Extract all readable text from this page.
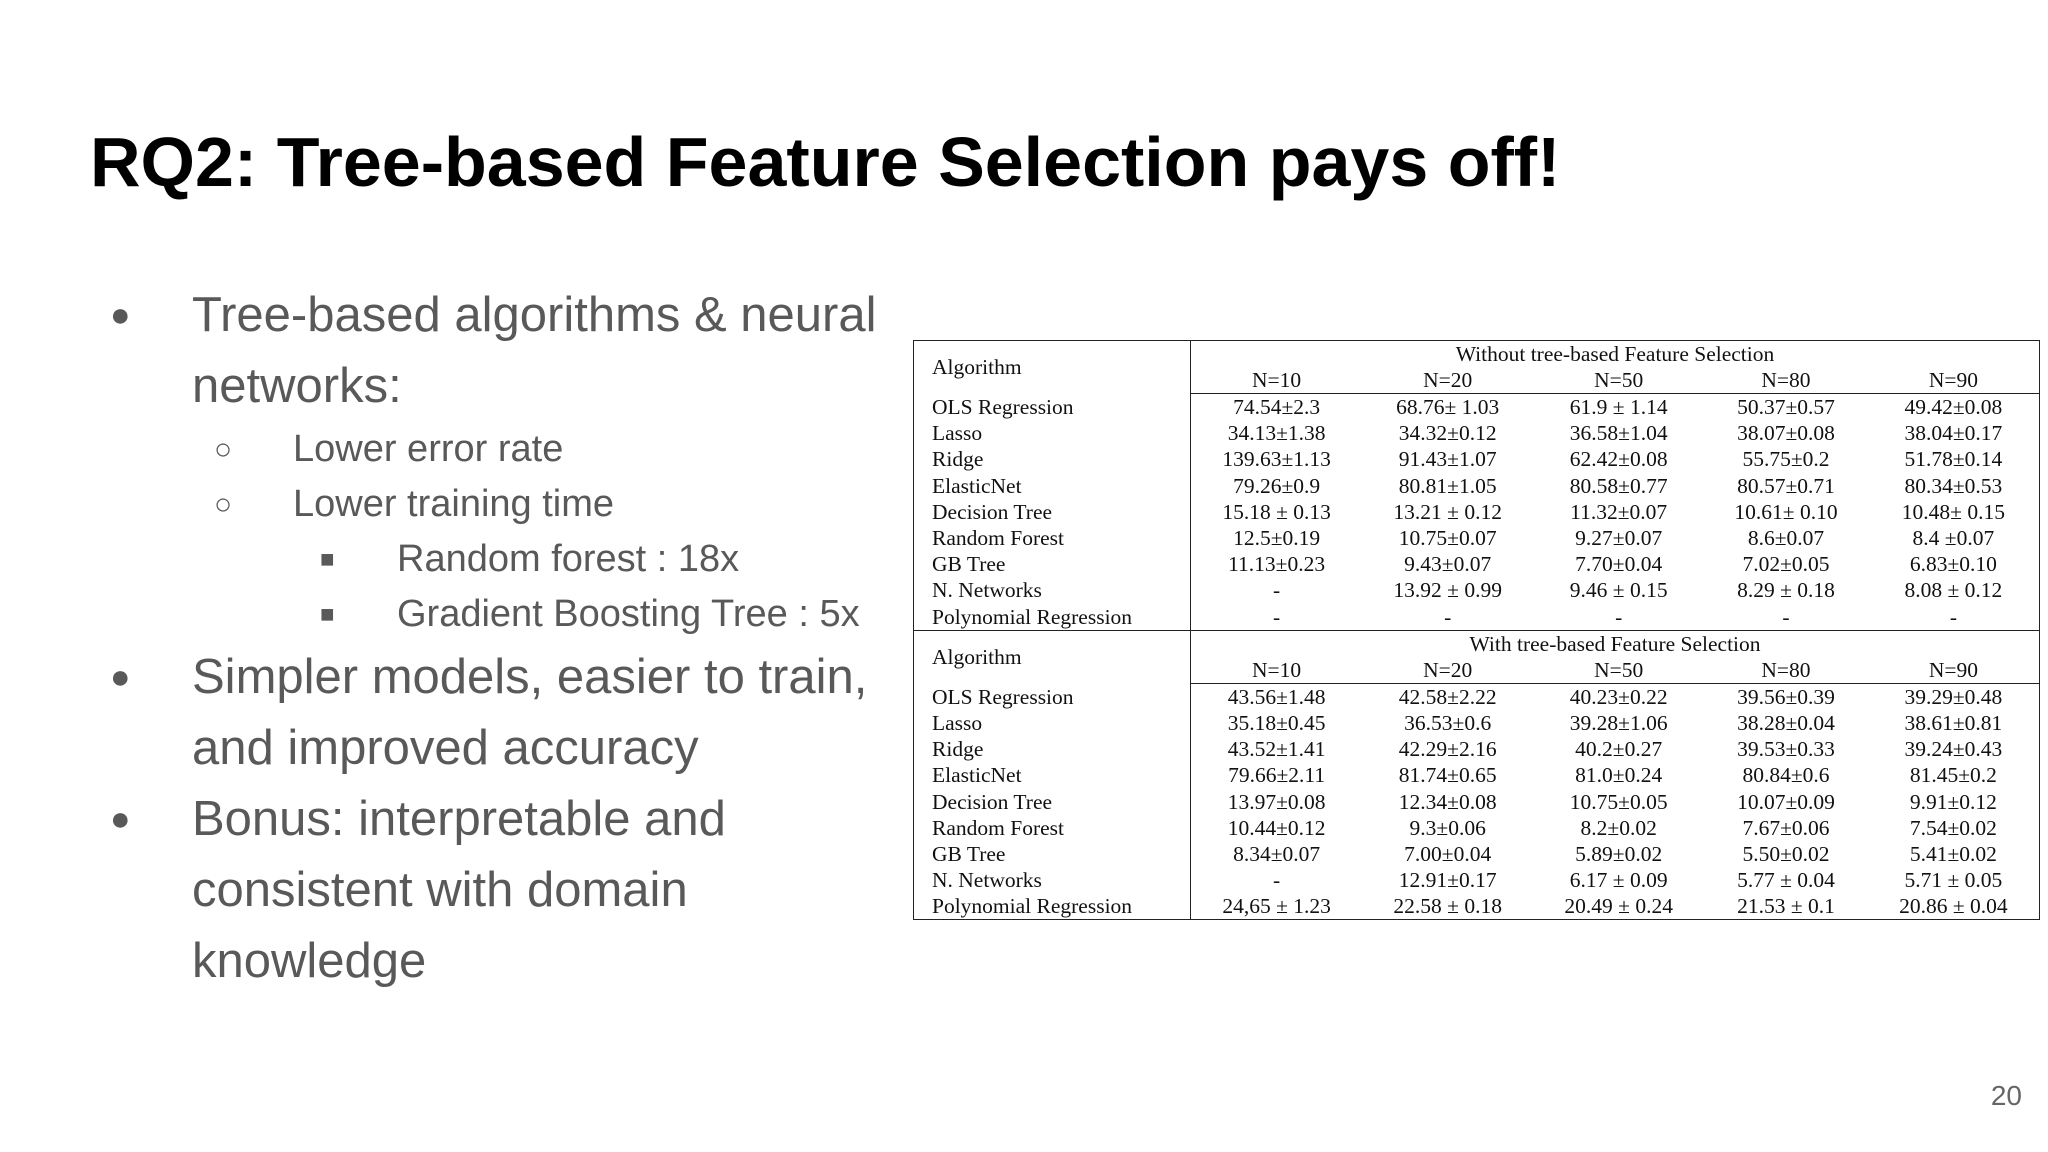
RQ2: Tree-based Feature Selection pays off!
● Tree-based algorithms & neural
networks:
○ Lower error rate
○ Lower training time
■ Random forest : 18x
■ Gradient Boosting Tree : 5x
● Simpler models, easier to train,
and improved accuracy
● Bonus: interpretable and
consistent with domain
knowledge
Algorithm	Without tree-based Feature Selection				
	N=10	N=20	N=50	N=80	N=90
OLS Regression	74.54±2.3	68.76± 1.03	61.9 ± 1.14	50.37±0.57	49.42±0.08
Lasso	34.13±1.38	34.32±0.12	36.58±1.04	38.07±0.08	38.04±0.17
Ridge	139.63±1.13	91.43±1.07	62.42±0.08	55.75±0.2	51.78±0.14
ElasticNet	79.26±0.9	80.81±1.05	80.58±0.77	80.57±0.71	80.34±0.53
Decision Tree	15.18 ± 0.13	13.21 ± 0.12	11.32±0.07	10.61± 0.10	10.48± 0.15
Random Forest	12.5±0.19	10.75±0.07	9.27±0.07	8.6±0.07	8.4 ±0.07
GB Tree	11.13±0.23	9.43±0.07	7.70±0.04	7.02±0.05	6.83±0.10
N. Networks	-	13.92 ± 0.99	9.46 ± 0.15	8.29 ± 0.18	8.08 ± 0.12
Polynomial Regression	-	-	-	-	-
Algorithm	With tree-based Feature Selection				
	N=10	N=20	N=50	N=80	N=90
OLS Regression	43.56±1.48	42.58±2.22	40.23±0.22	39.56±0.39	39.29±0.48
Lasso	35.18±0.45	36.53±0.6	39.28±1.06	38.28±0.04	38.61±0.81
Ridge	43.52±1.41	42.29±2.16	40.2±0.27	39.53±0.33	39.24±0.43
ElasticNet	79.66±2.11	81.74±0.65	81.0±0.24	80.84±0.6	81.45±0.2
Decision Tree	13.97±0.08	12.34±0.08	10.75±0.05	10.07±0.09	9.91±0.12
Random Forest	10.44±0.12	9.3±0.06	8.2±0.02	7.67±0.06	7.54±0.02
GB Tree	8.34±0.07	7.00±0.04	5.89±0.02	5.50±0.02	5.41±0.02
N. Networks	-	12.91±0.17	6.17 ± 0.09	5.77 ± 0.04	5.71 ± 0.05
Polynomial Regression	24,65 ± 1.23	22.58 ± 0.18	20.49 ± 0.24	21.53 ± 0.1	20.86 ± 0.04
20
